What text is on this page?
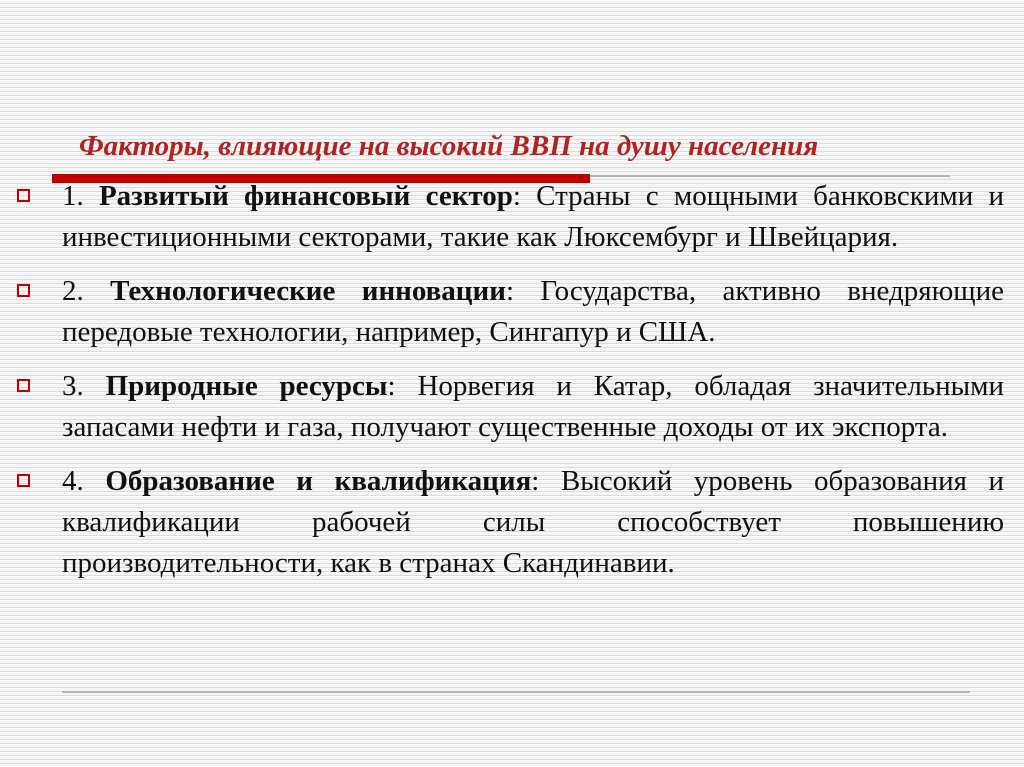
Факторы, влияющие на высокий ВВП на душу населения
1. Развитый финансовый сектор: Страны с мощными банковскими и инвестиционными секторами, такие как Люксембург и Швейцария.
2. Технологические инновации: Государства, активно внедряющие передовые технологии, например, Сингапур и США.
3. Природные ресурсы: Норвегия и Катар, обладая значительными запасами нефти и газа, получают существенные доходы от их экспорта.
4. Образование и квалификация: Высокий уровень образования и квалификации рабочей силы способствует повышению производительности, как в странах Скандинавии.
